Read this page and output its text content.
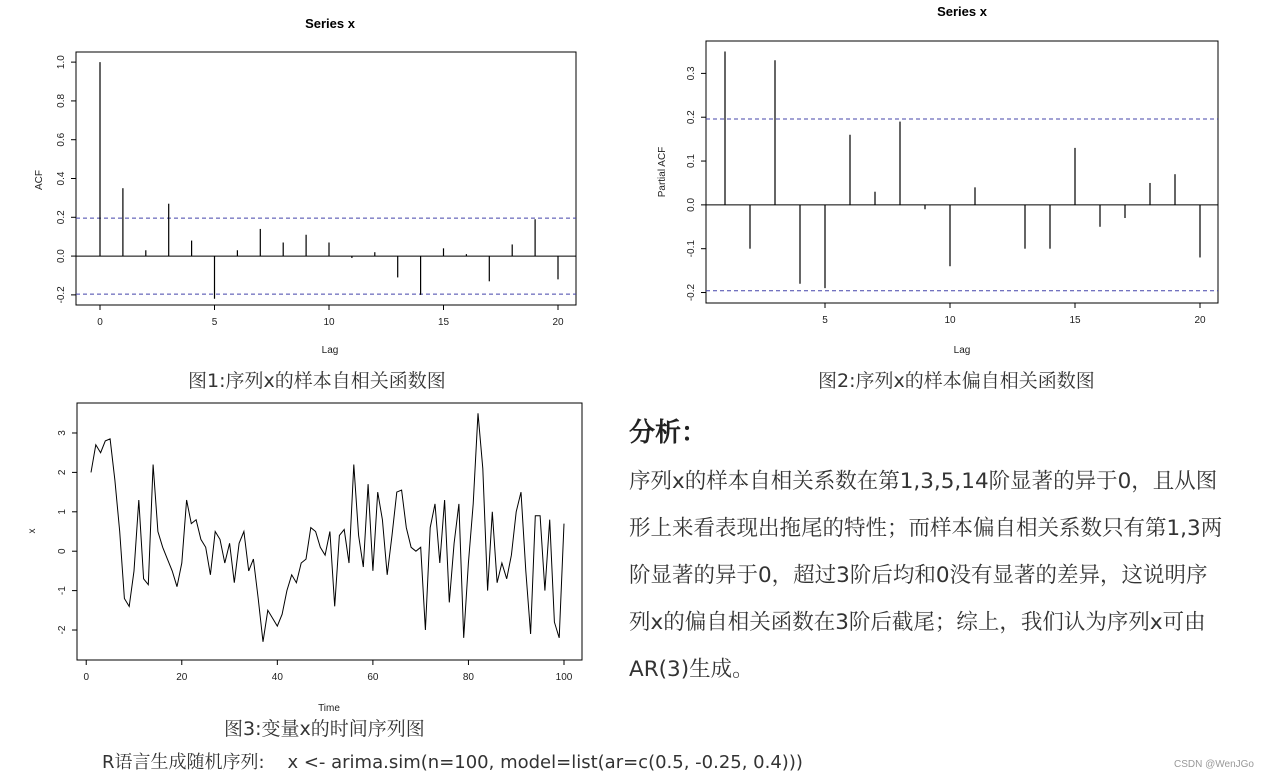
Series x
0	5	10	15	20
-0.2
0.0
0.2
0.4
0.6
0.8
1.0
Lag
ACF
图1:序列x的样本自相关函数图
Series x
5	10	15	20
-0.2
-0.1
0.0
0.1
0.2
0.3
Lag
Partial ACF
图2:序列x的样本偏自相关函数图
0	20	40	60	80	100
-2
-1
0
1
2
3
Time
x
图3:变量x的时间序列图
分析：
序列x的样本自相关系数在第1,3,5,14阶显著的异于0，且从图形上来看表现出拖尾的特性；而样本偏自相关系数只有第1,3两阶显著的异于0，超过3阶后均和0没有显著的差异，这说明序列x的偏自相关函数在3阶后截尾；综上，我们认为序列x可由AR(3)生成。
R语言生成随机序列:    x <- arima.sim(n=100, model=list(ar=c(0.5, -0.25, 0.4)))	CSDN @WenJGo
